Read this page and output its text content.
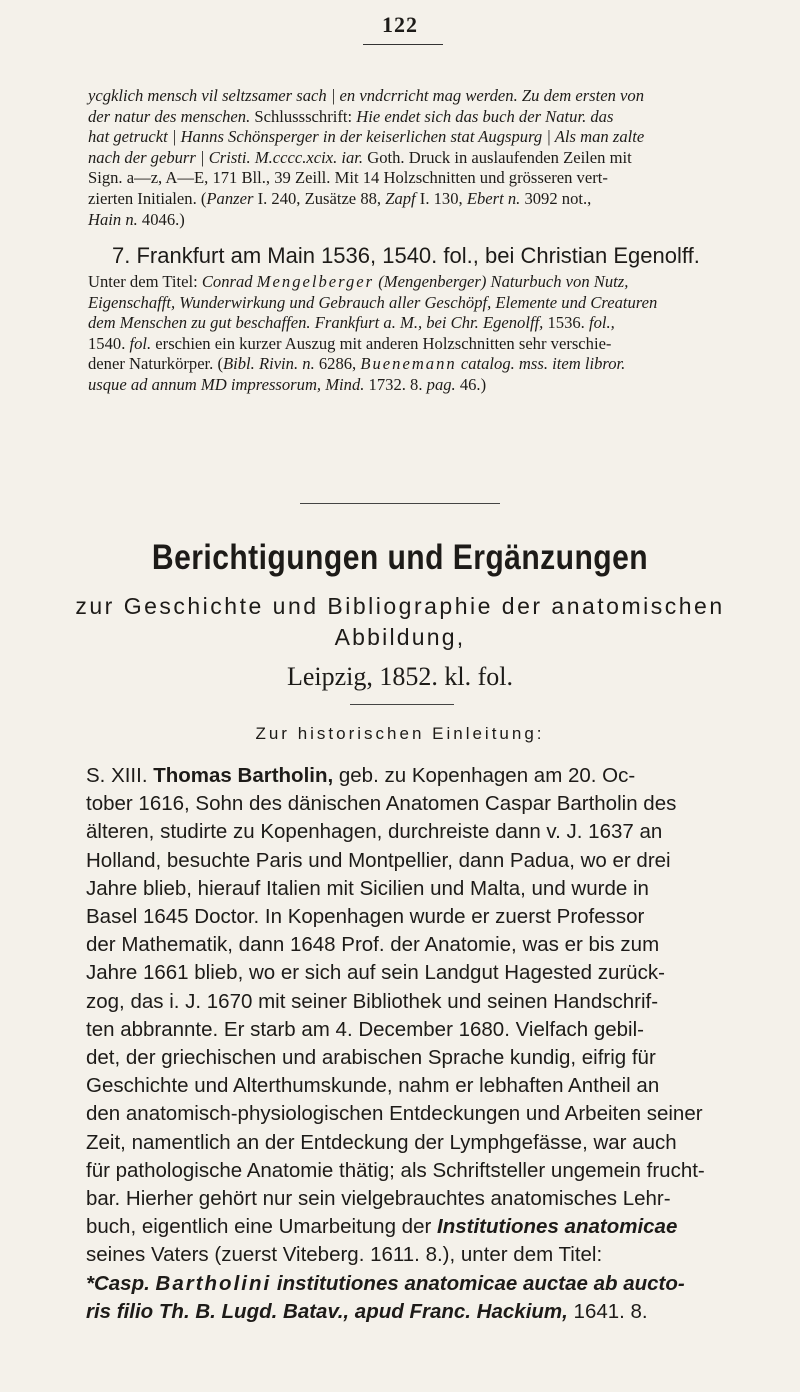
122
ycgklich mensch vil seltzsamer sach | en vndcrricht mag werden. Zu dem ersten von
der natur des menschen. Schlussschrift: Hie endet sich das buch der Natur. das
hat getruckt | Hanns Schönsperger in der keiserlichen stat Augspurg | Als man zalte
nach der geburr | Cristi. M.cccc.xcix. iar. Goth. Druck in auslaufenden Zeilen mit
Sign. a—z, A—E, 171 Bll., 39 Zeill. Mit 14 Holzschnitten und grösseren vert-
zierten Initialen. (Panzer I. 240, Zusätze 88, Zapf I. 130, Ebert n. 3092 not.,
Hain n. 4046.)
7. Frankfurt am Main 1536, 1540. fol., bei Christian Egenolff.
Unter dem Titel: Conrad Mengelberger (Mengenberger) Naturbuch von Nutz,
Eigenschafft, Wunderwirkung und Gebrauch aller Geschöpf, Elemente und Creaturen
dem Menschen zu gut beschaffen. Frankfurt a. M., bei Chr. Egenolff, 1536. fol.,
1540. fol. erschien ein kurzer Auszug mit anderen Holzschnitten sehr verschie-
dener Naturkörper. (Bibl. Rivin. n. 6286, Buenemann catalog. mss. item libror.
usque ad annum MD impressorum, Mind. 1732. 8. pag. 46.)
Berichtigungen und Ergänzungen
zur Geschichte und Bibliographie der anatomischen
Abbildung,
Leipzig, 1852. kl. fol.
Zur historischen Einleitung:
S. XIII. Thomas Bartholin, geb. zu Kopenhagen am 20. Oc-
tober 1616, Sohn des dänischen Anatomen Caspar Bartholin des
älteren, studirte zu Kopenhagen, durchreiste dann v. J. 1637 an
Holland, besuchte Paris und Montpellier, dann Padua, wo er drei
Jahre blieb, hierauf Italien mit Sicilien und Malta, und wurde in
Basel 1645 Doctor. In Kopenhagen wurde er zuerst Professor
der Mathematik, dann 1648 Prof. der Anatomie, was er bis zum
Jahre 1661 blieb, wo er sich auf sein Landgut Hagested zurück-
zog, das i. J. 1670 mit seiner Bibliothek und seinen Handschrif-
ten abbrannte. Er starb am 4. December 1680. Vielfach gebil-
det, der griechischen und arabischen Sprache kundig, eifrig für
Geschichte und Alterthumskunde, nahm er lebhaften Antheil an
den anatomisch-physiologischen Entdeckungen und Arbeiten seiner
Zeit, namentlich an der Entdeckung der Lymphgefässe, war auch
für pathologische Anatomie thätig; als Schriftsteller ungemein frucht-
bar. Hierher gehört nur sein vielgebrauchtes anatomisches Lehr-
buch, eigentlich eine Umarbeitung der Institutiones anatomicae
seines Vaters (zuerst Viteberg. 1611. 8.), unter dem Titel:
*Casp. Bartholini institutiones anatomicae auctae ab aucto-
ris filio Th. B. Lugd. Batav., apud Franc. Hackium, 1641. 8.
